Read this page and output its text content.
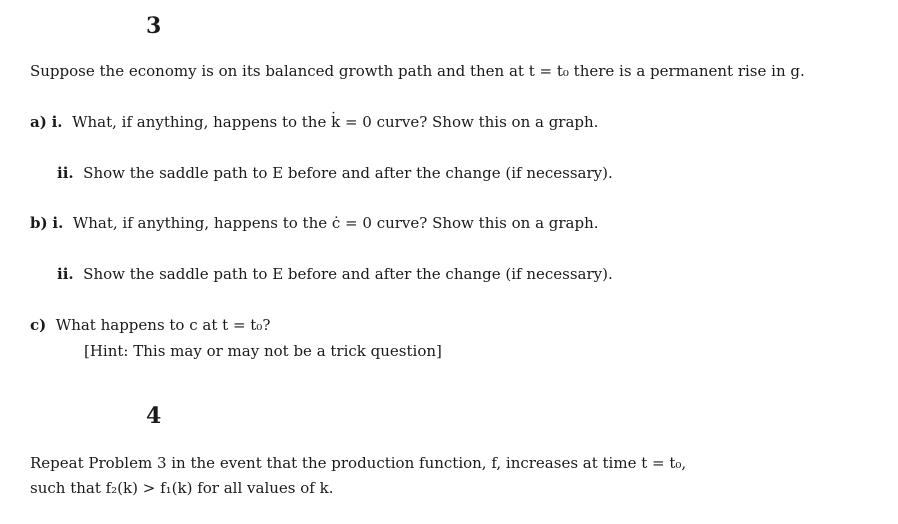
3
Suppose the economy is on its balanced growth path and then at t = t₀ there is a permanent rise in g.
a) i. What, if anything, happens to the k̇ = 0 curve? Show this on a graph.
ii. Show the saddle path to E before and after the change (if necessary).
b) i. What, if anything, happens to the ċ = 0 curve? Show this on a graph.
ii. Show the saddle path to E before and after the change (if necessary).
c) What happens to c at t = t₀?
[Hint: This may or may not be a trick question]
4
Repeat Problem 3 in the event that the production function, f, increases at time t = t₀,
such that f₂(k) > f₁(k) for all values of k.
